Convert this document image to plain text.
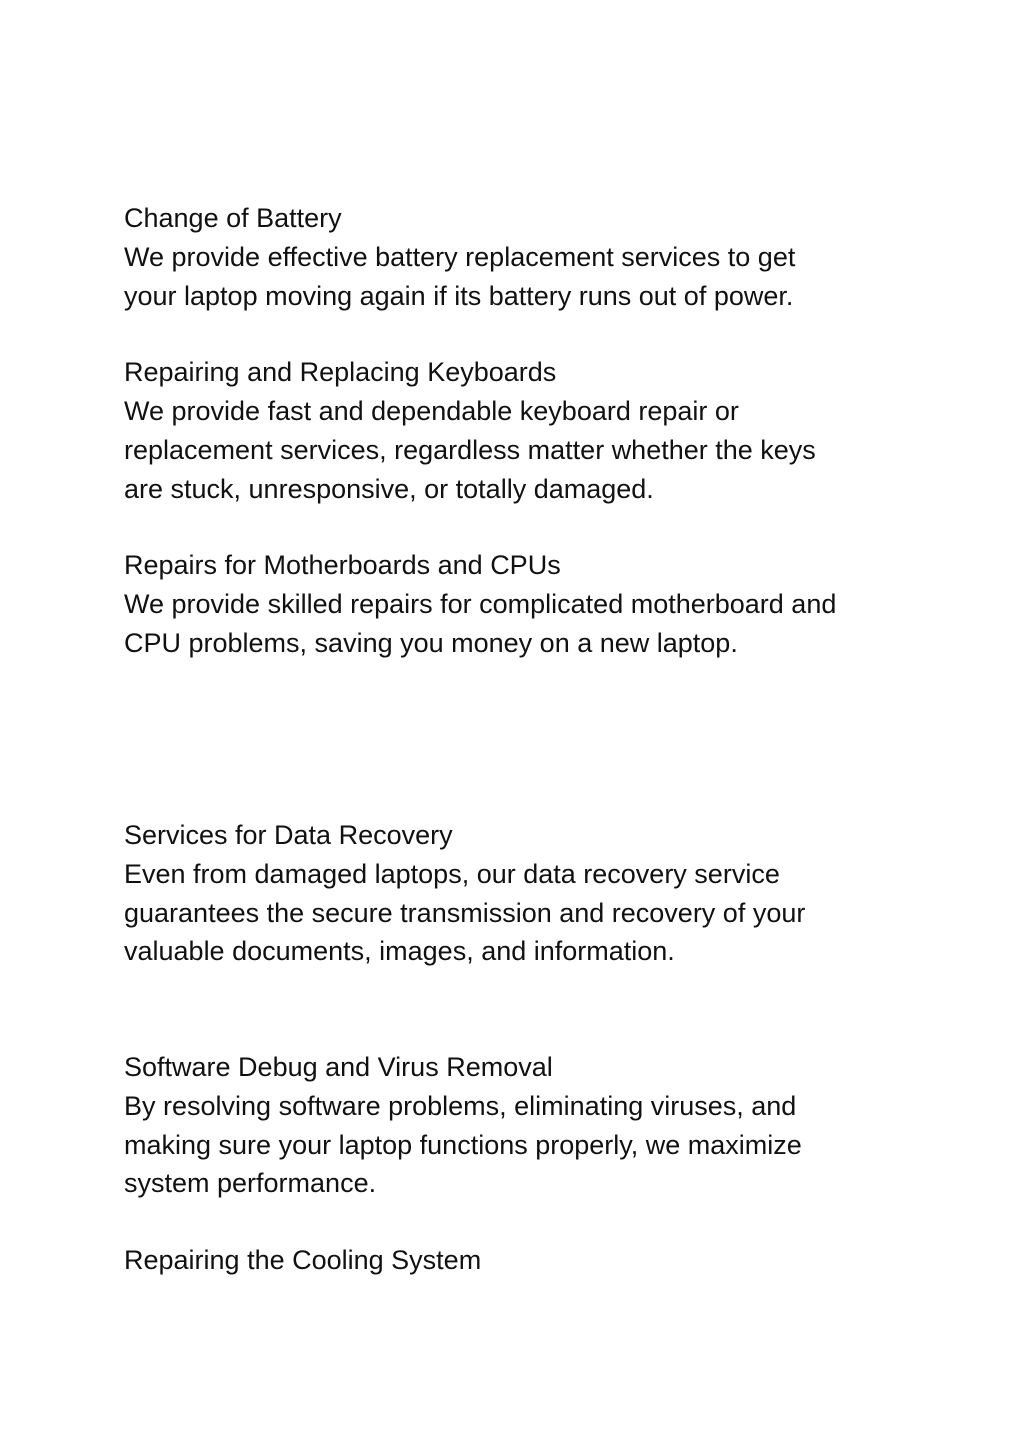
Change of Battery

We provide effective battery replacement services to get

your laptop moving again if its battery runs out of power.

Repairing and Replacing Keyboards

We provide fast and dependable keyboard repair or

replacement services, regardless matter whether the keys

are stuck, unresponsive, or totally damaged.

Repairs for Motherboards and CPUs

We provide skilled repairs for complicated motherboard and

CPU problems, saving you money on a new laptop.

Services for Data Recovery

Even from damaged laptops, our data recovery service

guarantees the secure transmission and recovery of your

valuable documents, images, and information.

Software Debug and Virus Removal

By resolving software problems, eliminating viruses, and

making sure your laptop functions properly, we maximize

system performance.

Repairing the Cooling System
